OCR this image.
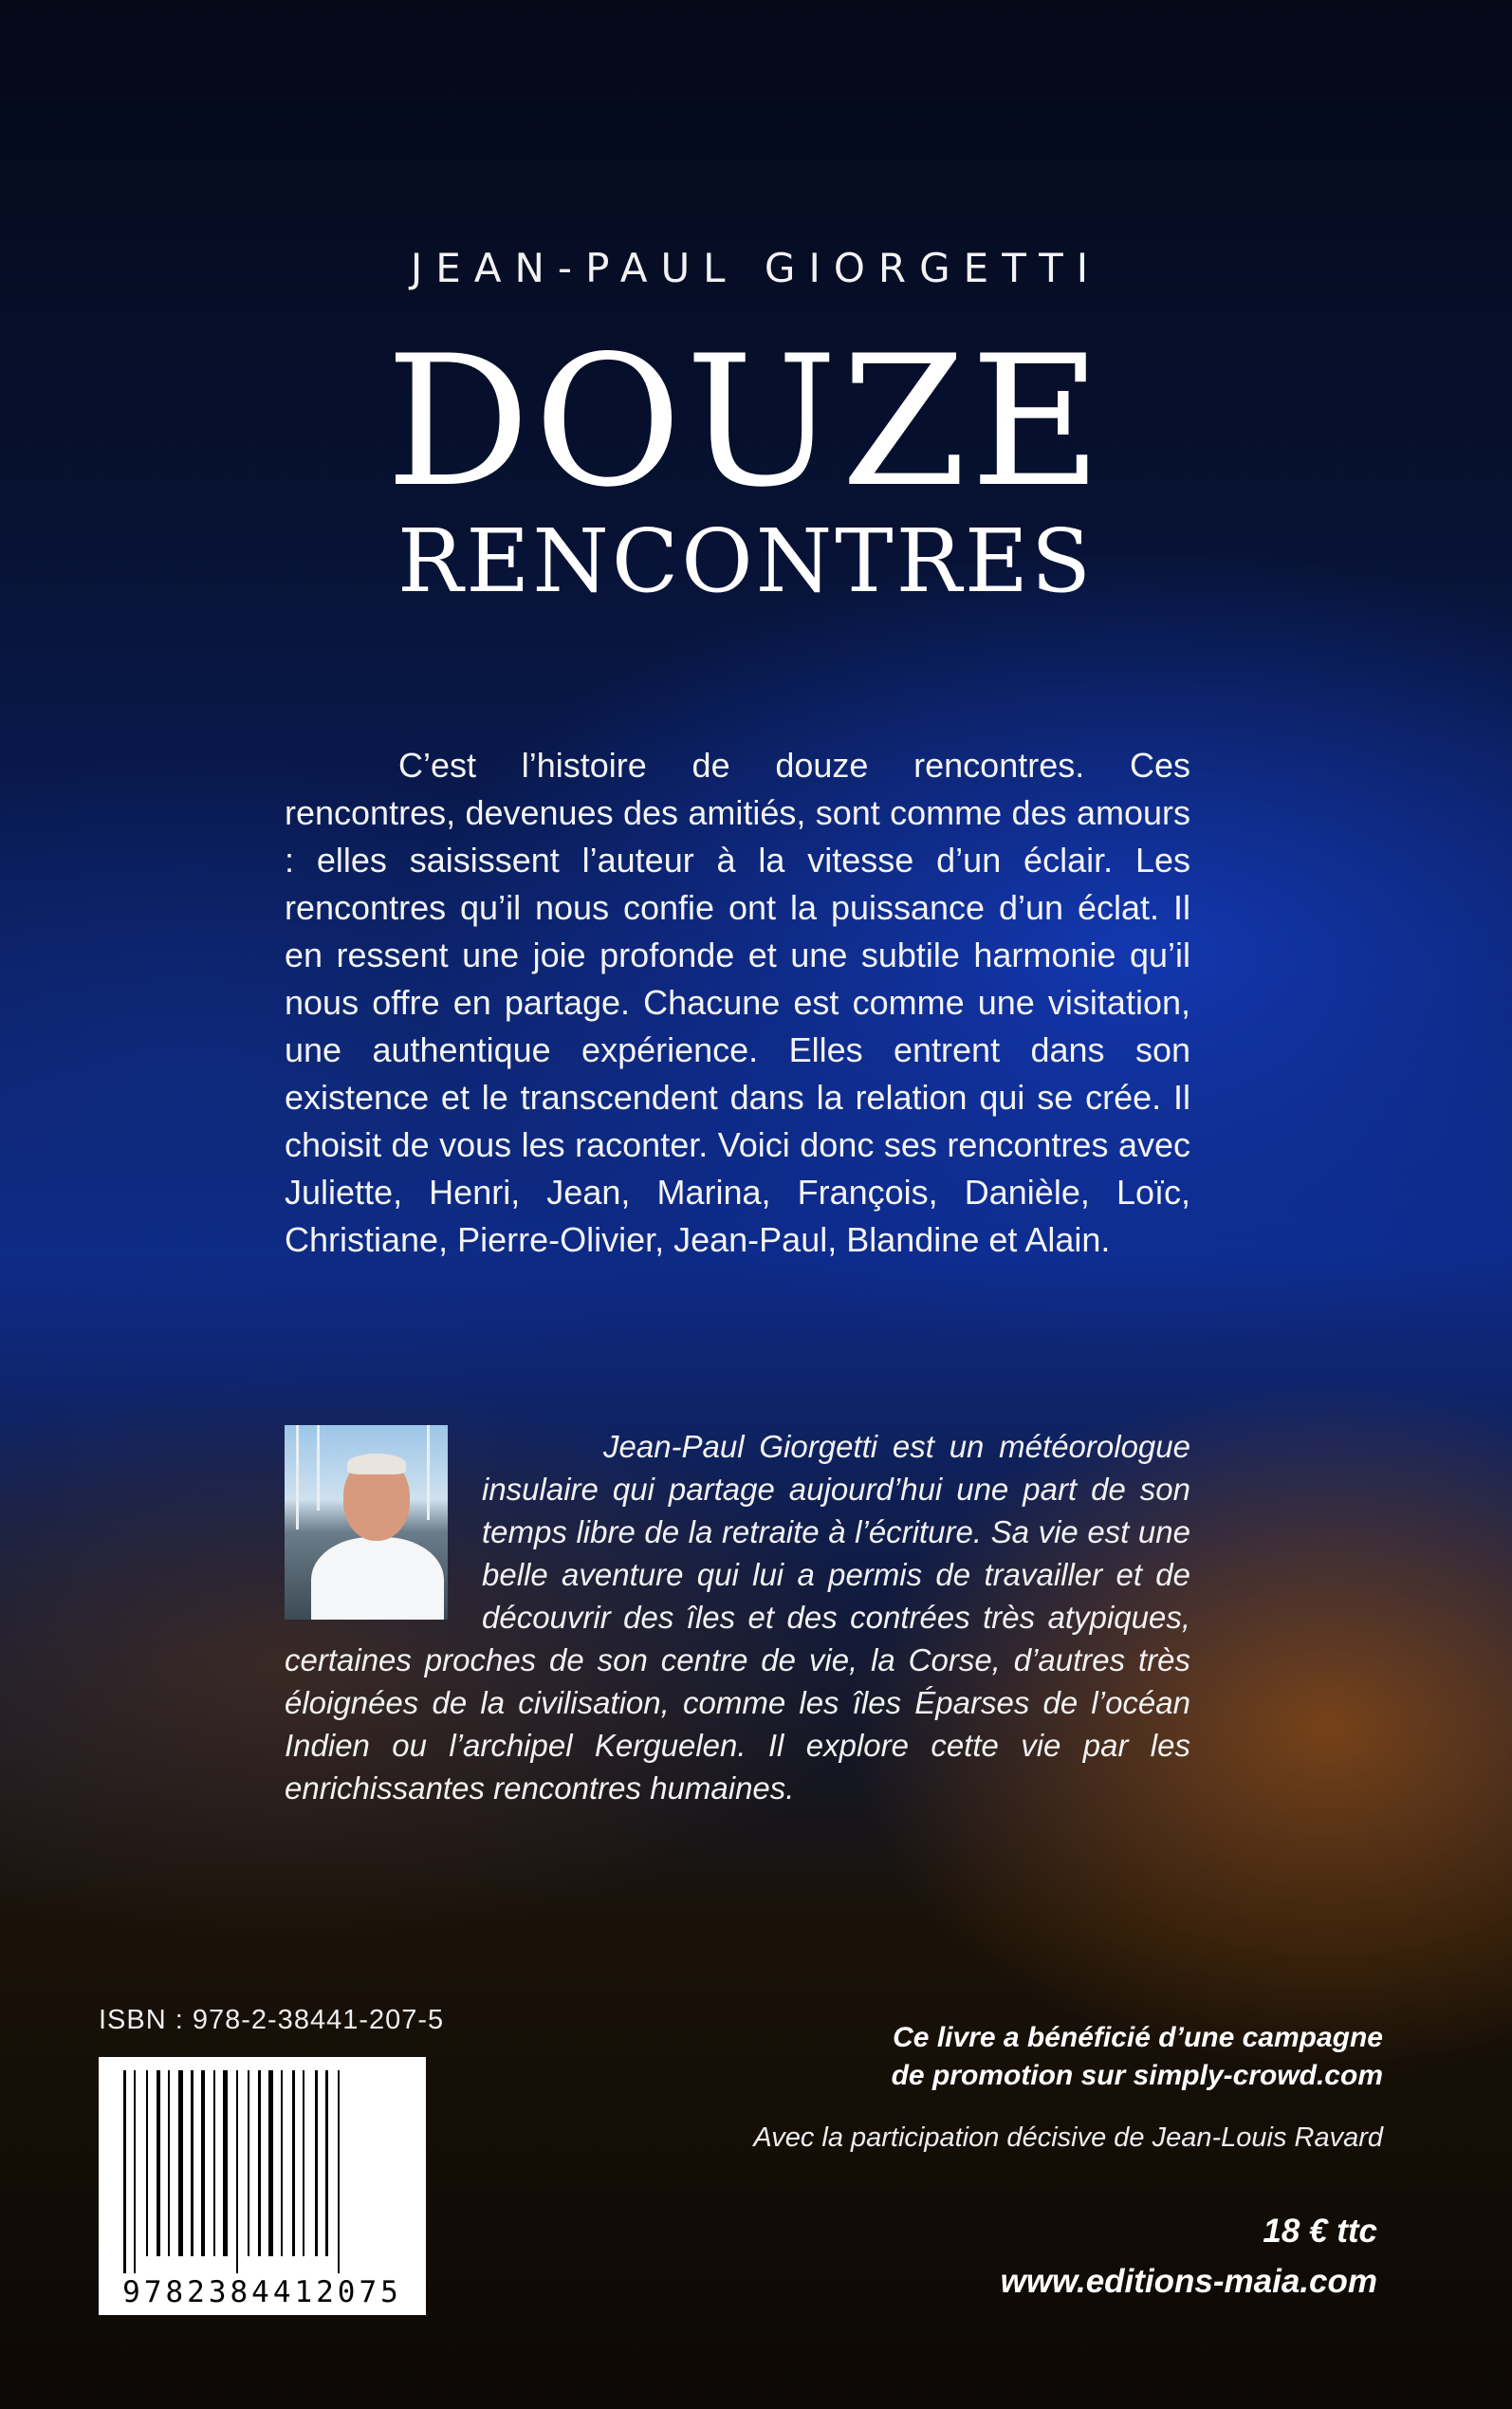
JEAN-PAUL GIORGETTI
DOUZE
RENCONTRES

C’est l’histoire de douze rencontres. Ces rencontres, devenues des amitiés, sont comme des amours : elles saisissent l’auteur à la vitesse d’un éclair. Les rencontres qu’il nous confie ont la puissance d’un éclat. Il en ressent une joie profonde et une subtile harmonie qu’il nous offre en partage. Chacune est comme une visitation, une authentique expérience. Elles entrent dans son existence et le transcendent dans la relation qui se crée. Il choisit de vous les raconter. Voici donc ses rencontres avec Juliette, Henri, Jean, Marina, François, Danièle, Loïc, Christiane, Pierre-Olivier, Jean-Paul, Blandine et Alain.

Jean-Paul Giorgetti est un météorologue insulaire qui partage aujourd’hui une part de son temps libre de la retraite à l’écriture. Sa vie est une belle aventure qui lui a permis de travailler et de découvrir des îles et des contrées très atypiques, certaines proches de son centre de vie, la Corse, d’autres très éloignées de la civilisation, comme les îles Éparses de l’océan Indien ou l’archipel Kerguelen. Il explore cette vie par les enrichissantes rencontres humaines.

ISBN : 978-2-38441-207-5
9782384412075
Ce livre a bénéficié d’une campagne
de promotion sur simply-crowd.com
Avec la participation décisive de Jean-Louis Ravard
18 € ttc
www.editions-maia.com
